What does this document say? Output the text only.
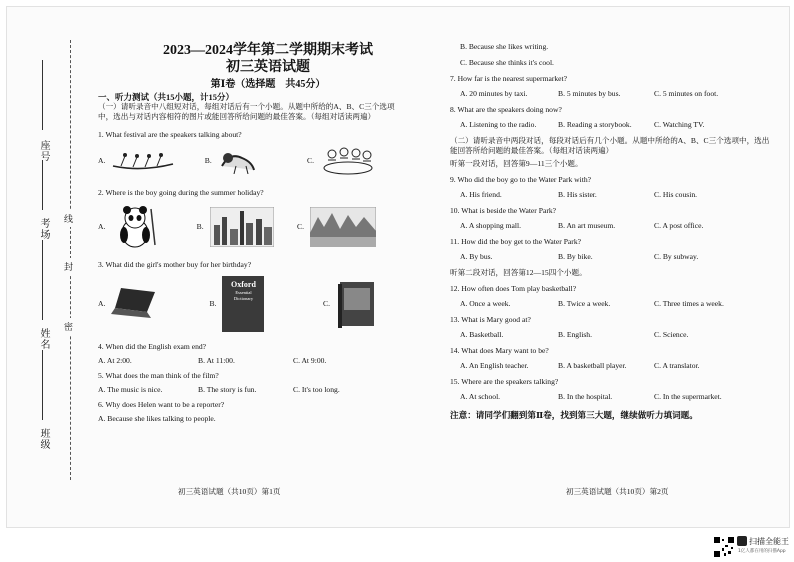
座号
考场
姓名
班级
线
封
密
2023—2024学年第二学期期末考试
初三英语试题
第Ⅰ卷（选择题　共45分）
一、听力测试（共15小题，计15分）
（一）请听录音中八组短对话，每组对话后有一个小题。从题中所给的A、B、C三个选项中，选出与对话内容相符的图片或能回答所给问题的最佳答案。（每组对话读两遍）
1. What festival are the speakers talking about?
A.	B.	C.
2. Where is the boy going during the summer holiday?
A.	B.	C.
3. What did the girl's mother buy for her birthday?
A.	B.
Oxford
Essential Dictionary
C.
4. When did the English exam end?
A. At 2:00.	B. At 11:00.	C. At 9:00.
5. What does the man think of the film?
A. The music is nice.	B. The story is fun.	C. It's too long.
6. Why does Helen want to be a reporter?
A. Because she likes talking to people.
初三英语试题（共10页）第1页
B. Because she likes writing.
C. Because she thinks it's cool.
7. How far is the nearest supermarket?
A. 20 minutes by taxi.	B. 5 minutes by bus.	C. 5 minutes on foot.
8. What are the speakers doing now?
A. Listening to the radio.	B. Reading a storybook.	C. Watching TV.
（二）请听录音中两段对话，每段对话后有几个小题。从题中所给的A、B、C三个选项中，选出能回答所给问题的最佳答案。（每组对话读两遍）
听第一段对话，回答第9—11三个小题。
9. Who did the boy go to the Water Park with?
A. His friend.	B. His sister.	C. His cousin.
10. What is beside the Water Park?
A. A shopping mall.	B. An art museum.	C. A post office.
11. How did the boy get to the Water Park?
A. By bus.	B. By bike.	C. By subway.
听第二段对话，回答第12—15四个小题。
12. How often does Tom play basketball?
A. Once a week.	B. Twice a week.	C. Three times a week.
13. What is Mary good at?
A. Basketball.	B. English.	C. Science.
14. What does Mary want to be?
A. An English teacher.	B. A basketball player.	C. A translator.
15. Where are the speakers talking?
A. At school.	B. In the hospital.	C. In the supermarket.
注意：请同学们翻到第Ⅱ卷，找到第三大题，继续做听力填词题。
初三英语试题（共10页）第2页
扫描全能王
1亿人都在用的扫描App
